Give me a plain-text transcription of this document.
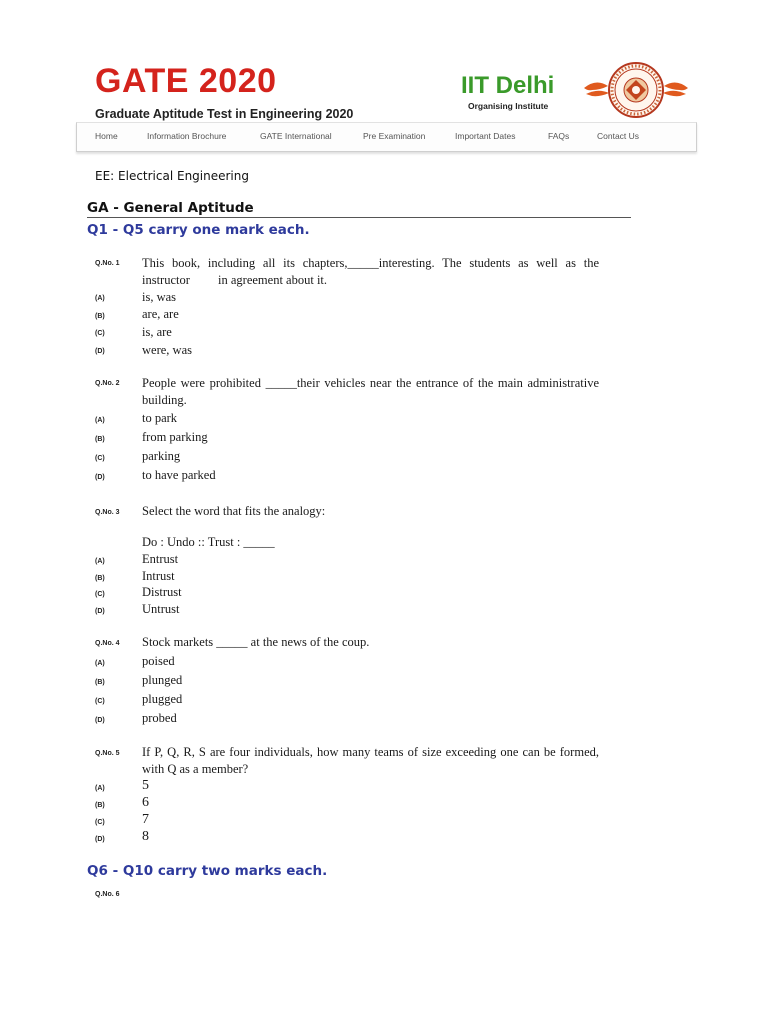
GATE 2020
Graduate Aptitude Test in Engineering 2020
IIT Delhi
Organising Institute
Home	Information Brochure	GATE International	Pre Examination	Important Dates	FAQs	Contact Us
EE: Electrical Engineering
GA - General Aptitude
Q1 - Q5 carry one mark each.
Q.No. 1 This book, including all its chapters,_____interesting. The students as well as the
instructor         in agreement about it.
(A)	is, was
(B)	are, are
(C)	is, are
(D)	were, was
Q.No. 2 People were prohibited _____their vehicles near the entrance of the main administrative
building.
(A)	to park
(B)	from parking
(C)	parking
(D)	to have parked
Q.No. 3 Select the word that fits the analogy:
Do : Undo :: Trust : _____
(A)	Entrust
(B)	Intrust
(C)	Distrust
(D)	Untrust
Q.No. 4 Stock markets _____ at the news of the coup.
(A)	poised
(B)	plunged
(C)	plugged
(D)	probed
Q.No. 5 If P, Q, R, S are four individuals, how many teams of size exceeding one can be formed,
with Q as a member?
(A)	5
(B)	6
(C)	7
(D)	8
Q6 - Q10 carry two marks each.
Q.No. 6
